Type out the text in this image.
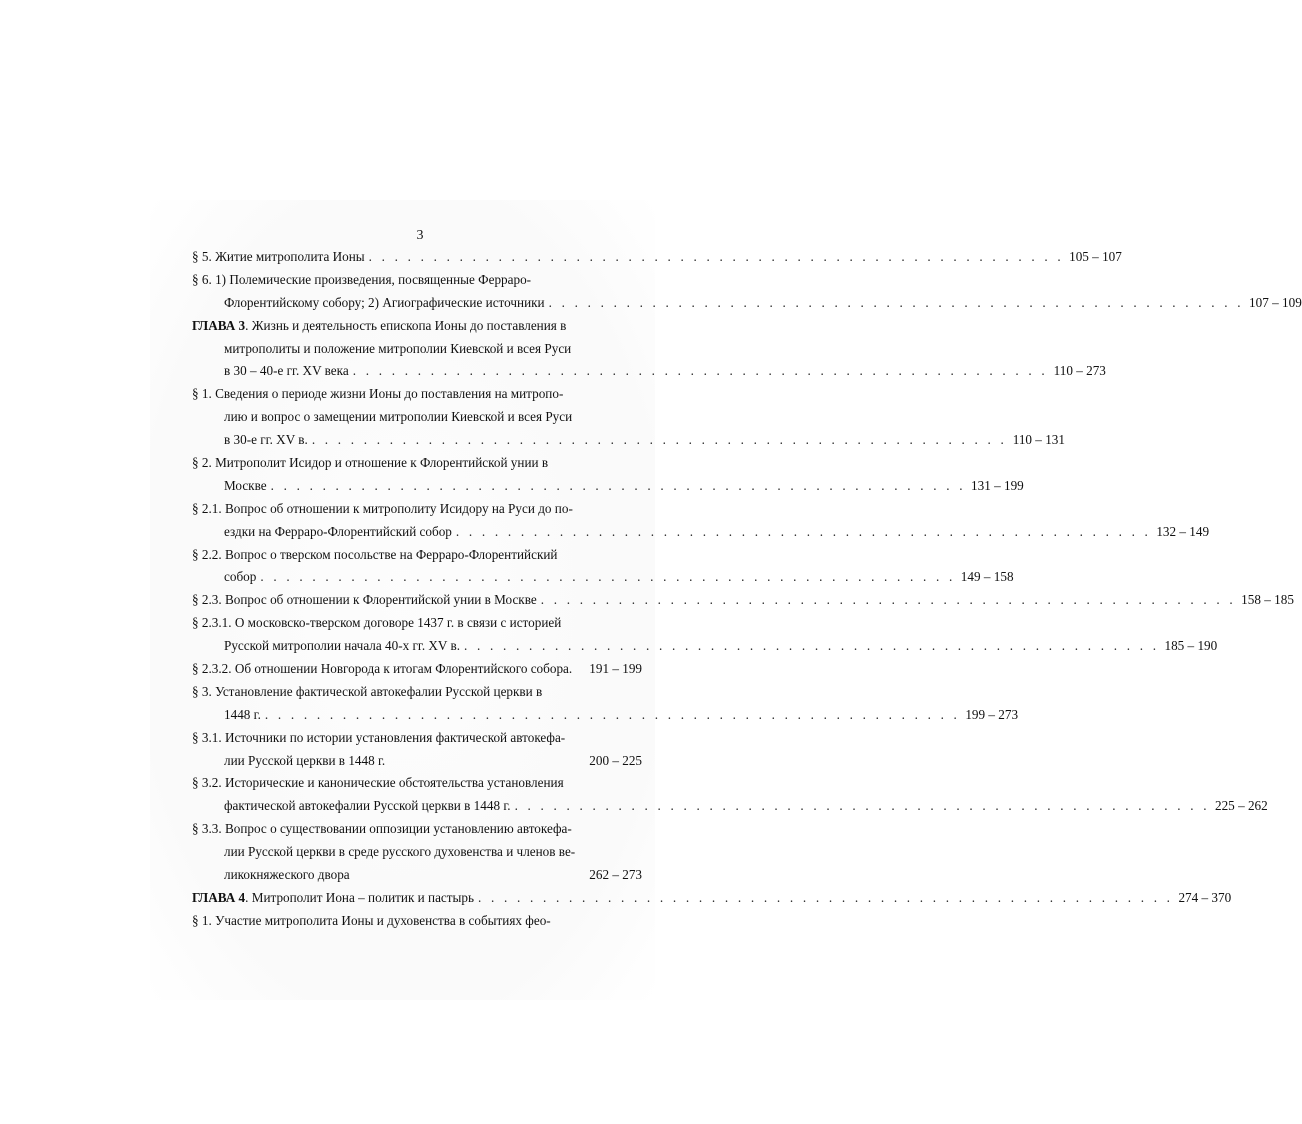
3
§ 5. Житие митрополита Ионы . . . . . . . . . . . . . . . . . . . . . . . . . . . . . . . . . . . . . . . . . . . . . . . . . . . . . . 105 – 107
§ 6. 1) Полемические произведения, посвященные Ферраро-
Флорентийскому собору; 2) Агиографические источники . . . . . . . . . . . . . . . . . . . . . . . . . . . . . . . . . . . . . . . . . . . . . . . . . . . . . . 107 – 109
ГЛАВА 3. Жизнь и деятельность епископа Ионы до поставления в
митрополиты и положение митрополии Киевской и всея Руси
в 30 – 40-е гг. XV века . . . . . . . . . . . . . . . . . . . . . . . . . . . . . . . . . . . . . . . . . . . . . . . . . . . . . . 110 – 273
§ 1. Сведения о периоде жизни Ионы до поставления на митропо-
лию и вопрос о замещении митрополии Киевской и всея Руси
в 30-е гг. XV в. . . . . . . . . . . . . . . . . . . . . . . . . . . . . . . . . . . . . . . . . . . . . . . . . . . . . . . 110 – 131
§ 2. Митрополит Исидор и отношение к Флорентийской унии в
Москве . . . . . . . . . . . . . . . . . . . . . . . . . . . . . . . . . . . . . . . . . . . . . . . . . . . . . . 131 – 199
§ 2.1. Вопрос об отношении к митрополиту Исидору на Руси до по-
ездки на Ферраро-Флорентийский собор . . . . . . . . . . . . . . . . . . . . . . . . . . . . . . . . . . . . . . . . . . . . . . . . . . . . . . 132 – 149
§ 2.2. Вопрос о тверском посольстве на Ферраро-Флорентийский
собор . . . . . . . . . . . . . . . . . . . . . . . . . . . . . . . . . . . . . . . . . . . . . . . . . . . . . . 149 – 158
§ 2.3. Вопрос об отношении к Флорентийской унии в Москве . . . . . . . . . . . . . . . . . . . . . . . . . . . . . . . . . . . . . . . . . . . . . . . . . . . . . . 158 – 185
§ 2.3.1. О московско-тверском договоре 1437 г. в связи с историей
Русской митрополии начала 40-х гг. XV в. . . . . . . . . . . . . . . . . . . . . . . . . . . . . . . . . . . . . . . . . . . . . . . . . . . . . . . 185 – 190
§ 2.3.2. Об отношении Новгорода к итогам Флорентийского собора.	191 – 199
§ 3. Установление фактической автокефалии Русской церкви в
1448 г. . . . . . . . . . . . . . . . . . . . . . . . . . . . . . . . . . . . . . . . . . . . . . . . . . . . . . . 199 – 273
§ 3.1. Источники по истории установления фактической автокефа-
лии Русской церкви в 1448 г.	200 – 225
§ 3.2. Исторические и канонические обстоятельства установления
фактической автокефалии Русской церкви в 1448 г. . . . . . . . . . . . . . . . . . . . . . . . . . . . . . . . . . . . . . . . . . . . . . . . . . . . . . . 225 – 262
§ 3.3. Вопрос о существовании оппозиции установлению автокефа-
лии Русской церкви в среде русского духовенства и членов ве-
ликокняжеского двора	262 – 273
ГЛАВА 4. Митрополит Иона – политик и пастырь . . . . . . . . . . . . . . . . . . . . . . . . . . . . . . . . . . . . . . . . . . . . . . . . . . . . . . 274 – 370
§ 1. Участие митрополита Ионы и духовенства в событиях фео-
